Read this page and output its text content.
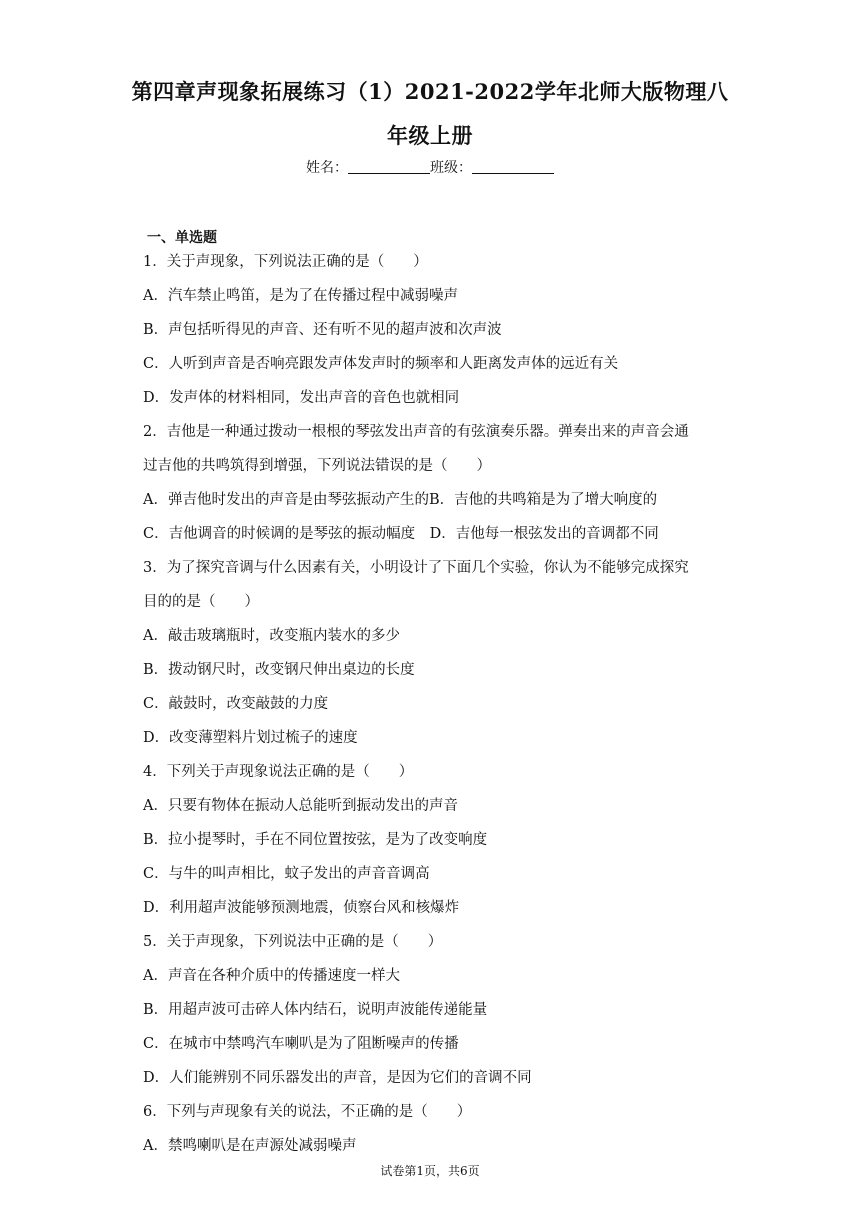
第四章声现象拓展练习（1）2021-2022学年北师大版物理八
年级上册
姓名：	班级：
一、单选题
1．关于声现象，下列说法正确的是（　　）
A．汽车禁止鸣笛，是为了在传播过程中减弱噪声
B．声包括听得见的声音、还有听不见的超声波和次声波
C．人听到声音是否响亮跟发声体发声时的频率和人距离发声体的远近有关
D．发声体的材料相同，发出声音的音色也就相同
2．吉他是一种通过拨动一根根的琴弦发出声音的有弦演奏乐器。弹奏出来的声音会通
过吉他的共鸣筑得到增强，下列说法错误的是（　　）
A．弹吉他时发出的声音是由琴弦振动产生的B．吉他的共鸣箱是为了增大响度的
C．吉他调音的时候调的是琴弦的振动幅度　D．吉他每一根弦发出的音调都不同
3．为了探究音调与什么因素有关，小明设计了下面几个实验，你认为不能够完成探究
目的的是（　　）
A．敲击玻璃瓶时，改变瓶内装水的多少
B．拨动钢尺时，改变钢尺伸出桌边的长度
C．敲鼓时，改变敲鼓的力度
D．改变薄塑料片划过梳子的速度
4．下列关于声现象说法正确的是（　　）
A．只要有物体在振动人总能听到振动发出的声音
B．拉小提琴时，手在不同位置按弦，是为了改变响度
C．与牛的叫声相比，蚊子发出的声音音调高
D．利用超声波能够预测地震，侦察台风和核爆炸
5．关于声现象，下列说法中正确的是（　　）
A．声音在各种介质中的传播速度一样大
B．用超声波可击碎人体内结石，说明声波能传递能量
C．在城市中禁鸣汽车喇叭是为了阻断噪声的传播
D．人们能辨别不同乐器发出的声音，是因为它们的音调不同
6．下列与声现象有关的说法，不正确的是（　　）
A．禁鸣喇叭是在声源处减弱噪声
试卷第1页，共6页
